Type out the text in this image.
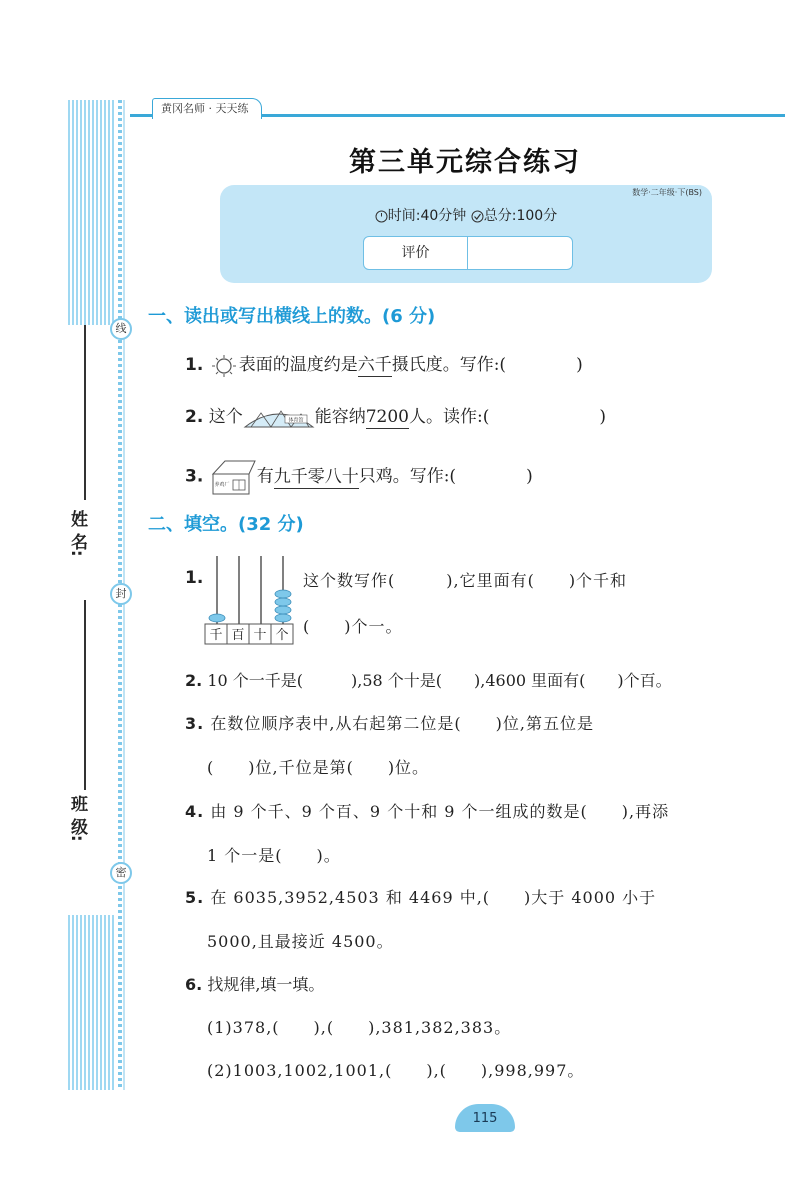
线
封
密
姓 名:
班 级:
黄冈名师 · 天天练
第三单元综合练习
数学·二年级·下(BS)
时间:40分钟 总分:100分
评价
一、读出或写出横线上的数。(6 分)
1. 表面的温度约是六千摄氏度。写作:(	)
2. 这个	体育馆 能容纳7200人。读作:(	)
3. 养鸡厂 有九千零八十只鸡。写作:(	)
二、填空。(32 分)
1.
千 百 十 个
这个数写作(　　　),它里面有(　　)个千和
(　　)个一。
2. 10 个一千是(　　　),58 个十是(　　),4600 里面有(　　)个百。
3. 在数位顺序表中,从右起第二位是(　　)位,第五位是
(　　)位,千位是第(　　)位。
4. 由 9 个千、9 个百、9 个十和 9 个一组成的数是(　　),再添
1 个一是(　　)。
5. 在 6035,3952,4503 和 4469 中,(　　)大于 4000 小于
5000,且最接近 4500。
6. 找规律,填一填。
(1)378,(　　),(　　),381,382,383。
(2)1003,1002,1001,(　　),(　　),998,997。
115
